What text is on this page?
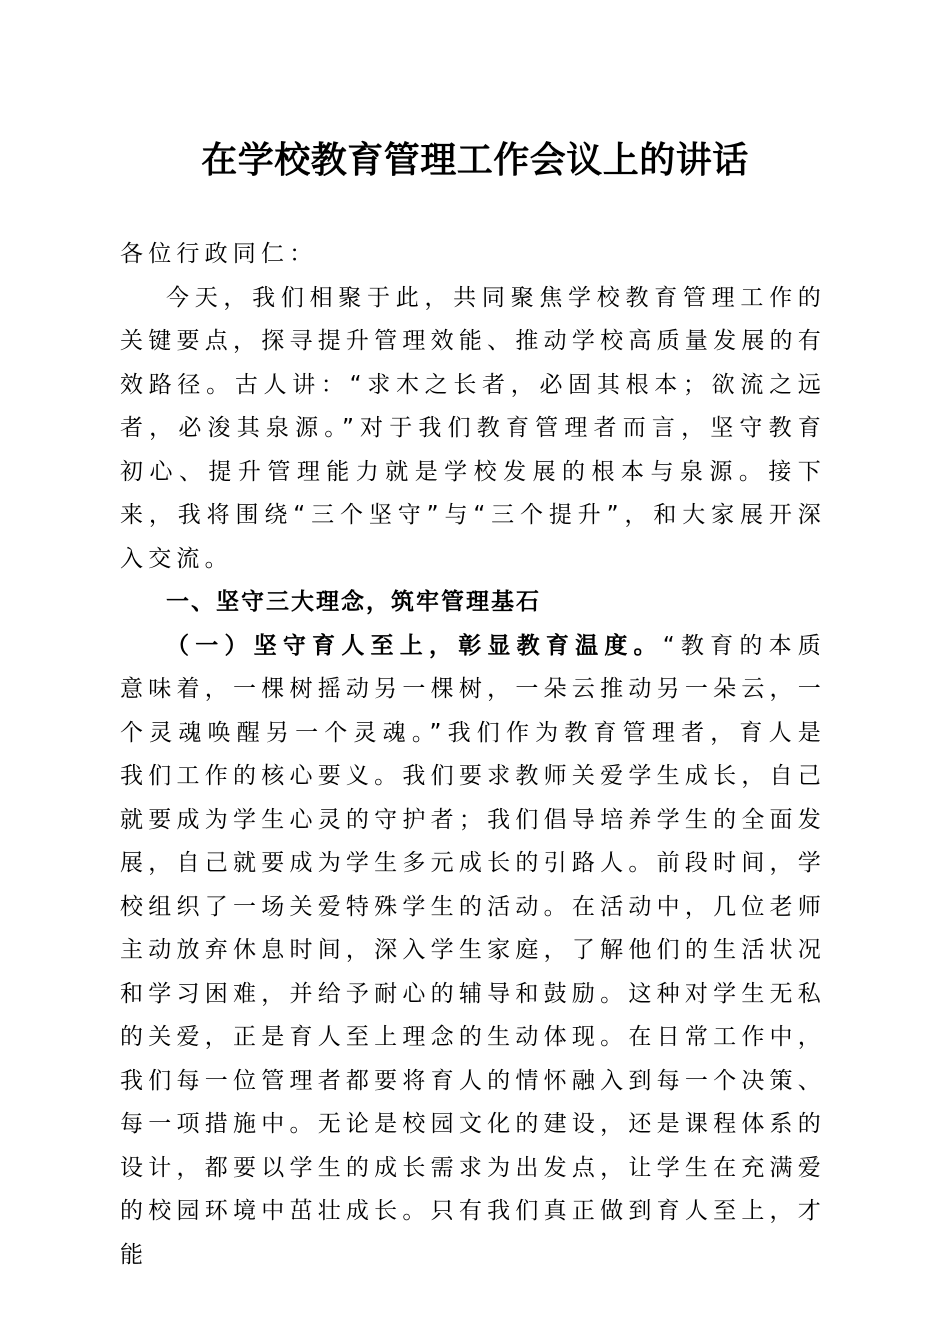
在学校教育管理工作会议上的讲话

各位行政同仁：

今天，我们相聚于此，共同聚焦学校教育管理工作的关键要点，探寻提升管理效能、推动学校高质量发展的有效路径。古人讲：“求木之长者，必固其根本；欲流之远者，必浚其泉源。”对于我们教育管理者而言，坚守教育初心、提升管理能力就是学校发展的根本与泉源。接下来，我将围绕“三个坚守”与“三个提升”，和大家展开深入交流。

一、坚守三大理念，筑牢管理基石

（一）坚守育人至上，彰显教育温度。“教育的本质意味着，一棵树摇动另一棵树，一朵云推动另一朵云，一个灵魂唤醒另一个灵魂。”我们作为教育管理者，育人是我们工作的核心要义。我们要求教师关爱学生成长，自己就要成为学生心灵的守护者；我们倡导培养学生的全面发展，自己就要成为学生多元成长的引路人。前段时间，学校组织了一场关爱特殊学生的活动。在活动中，几位老师主动放弃休息时间，深入学生家庭，了解他们的生活状况和学习困难，并给予耐心的辅导和鼓励。这种对学生无私的关爱，正是育人至上理念的生动体现。在日常工作中，我们每一位管理者都要将育人的情怀融入到每一个决策、每一项措施中。无论是校园文化的建设，还是课程体系的设计，都要以学生的成长需求为出发点，让学生在充满爱的校园环境中茁壮成长。只有我们真正做到育人至上，才能
